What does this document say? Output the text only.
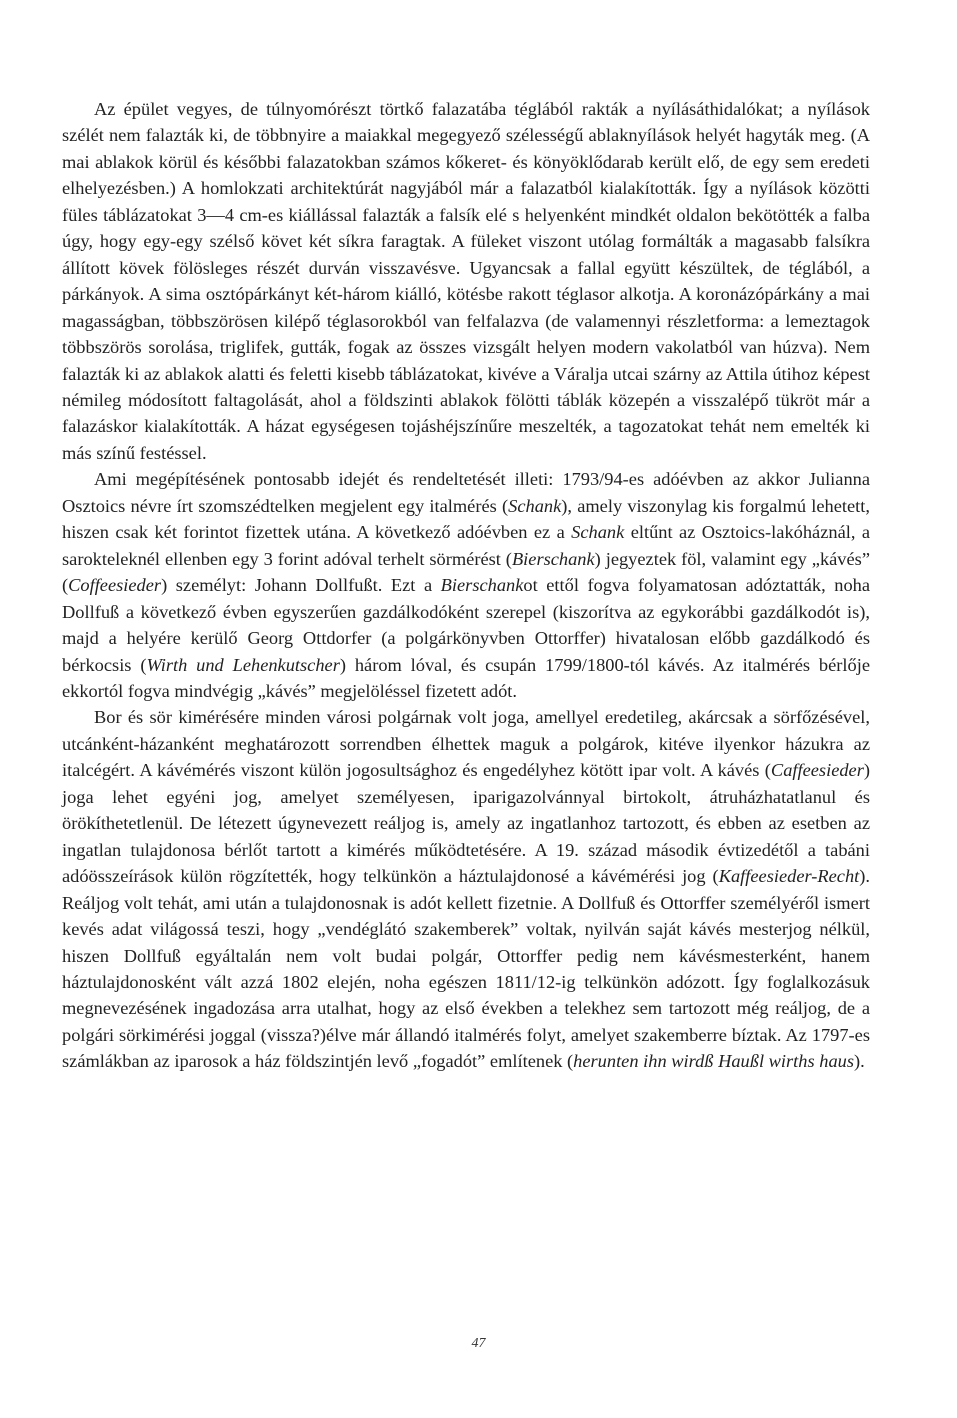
Az épület vegyes, de túlnyomórészt törtkő falazatába téglából rakták a nyílásáthidalókat; a nyílások szélét nem falazták ki, de többnyire a maiakkal megegyező szélességű ablaknyílások helyét hagyták meg. (A mai ablakok körül és későbbi falazatokban számos kőkeret- és könyöklődarab került elő, de egy sem eredeti elhelyezésben.) A homlokzati architektúrát nagyjából már a falazatból kialakították. Így a nyílások közötti füles táblázatokat 3—4 cm-es kiállással falazták a falsík elé s helyenként mindkét oldalon bekötötték a falba úgy, hogy egy-egy szélső követ két síkra faragtak. A füleket viszont utólag formálták a magasabb falsíkra állított kövek fölösleges részét durván visszavésve. Ugyancsak a fallal együtt készültek, de téglából, a párkányok. A sima osztópárkányt két-három kiálló, kötésbe rakott téglasor alkotja. A koronázópárkány a mai magasságban, többszörösen kilépő téglasorokból van felfalazva (de valamennyi részletforma: a lemeztagok többszörös sorolása, triglifek, gutták, fogak az összes vizsgált helyen modern vakolatból van húzva). Nem falazták ki az ablakok alatti és feletti kisebb táblázatokat, kivéve a Váralja utcai szárny az Attila útihoz képest némileg módosított faltagolását, ahol a földszinti ablakok fölötti táblák közepén a visszalépő tükröt már a falazáskor kialakították. A házat egységesen tojáshéjszínűre meszelték, a tagozatokat tehát nem emelték ki más színű festéssel.

Ami megépítésének pontosabb idejét és rendeltetését illeti: 1793/94-es adóévben az akkor Julianna Osztoics névre írt szomszédtelken megjelent egy italmérés (Schank), amely viszonylag kis forgalmú lehetett, hiszen csak két forintot fizettek utána. A következő adóévben ez a Schank eltűnt az Osztoics-lakóháznál, a sarokteleknél ellenben egy 3 forint adóval terhelt sörmérést (Bierschank) jegyeztek föl, valamint egy „kávés” (Coffeesieder) személyt: Johann Dollfußt. Ezt a Bierschankot ettől fogva folyamatosan adóztatták, noha Dollfuß a következő évben egyszerűen gazdálkodóként szerepel (kiszorítva az egykorábbi gazdálkodót is), majd a helyére kerülő Georg Ottdorfer (a polgárkönyvben Ottorffer) hivatalosan előbb gazdálkodó és bérkocsis (Wirth und Lehenkutscher) három lóval, és csupán 1799/1800-tól kávés. Az italmérés bérlője ekkortól fogva mindvégig „kávés” megjelöléssel fizetett adót.

Bor és sör kimérésére minden városi polgárnak volt joga, amellyel eredetileg, akárcsak a sörfőzésével, utcánként-házanként meghatározott sorrendben élhettek maguk a polgárok, kitéve ilyenkor házukra az italcégért. A kávémérés viszont külön jogosultsághoz és engedélyhez kötött ipar volt. A kávés (Caffeesieder) joga lehet egyéni jog, amelyet személyesen, iparigazolvánnyal birtokolt, átruházhatatlanul és örökíthetetlenül. De létezett úgynevezett reáljog is, amely az ingatlanhoz tartozott, és ebben az esetben az ingatlan tulajdonosa bérlőt tartott a kimérés működtetésére. A 19. század második évtizedétől a tabáni adóösszeírások külön rögzítették, hogy telkünkön a háztulajdonosé a kávémérési jog (Kaffeesieder-Recht). Reáljog volt tehát, ami után a tulajdonosnak is adót kellett fizetnie. A Dollfuß és Ottorffer személyéről ismert kevés adat világossá teszi, hogy „vendéglátó szakemberek” voltak, nyilván saját kávés mesterjog nélkül, hiszen Dollfuß egyáltalán nem volt budai polgár, Ottorffer pedig nem kávésmesterként, hanem háztulajdonosként vált azzá 1802 elején, noha egészen 1811/12-ig telkünkön adózott. Így foglalkozásuk megnevezésének ingadozása arra utalhat, hogy az első években a telekhez sem tartozott még reáljog, de a polgári sörkimérési joggal (vissza?)élve már állandó italmérés folyt, amelyet szakemberre bíztak. Az 1797-es számlákban az iparosok a ház földszintjén levő „fogadót” említenek (herunten ihn wirdß Haußl wirths haus).

47
